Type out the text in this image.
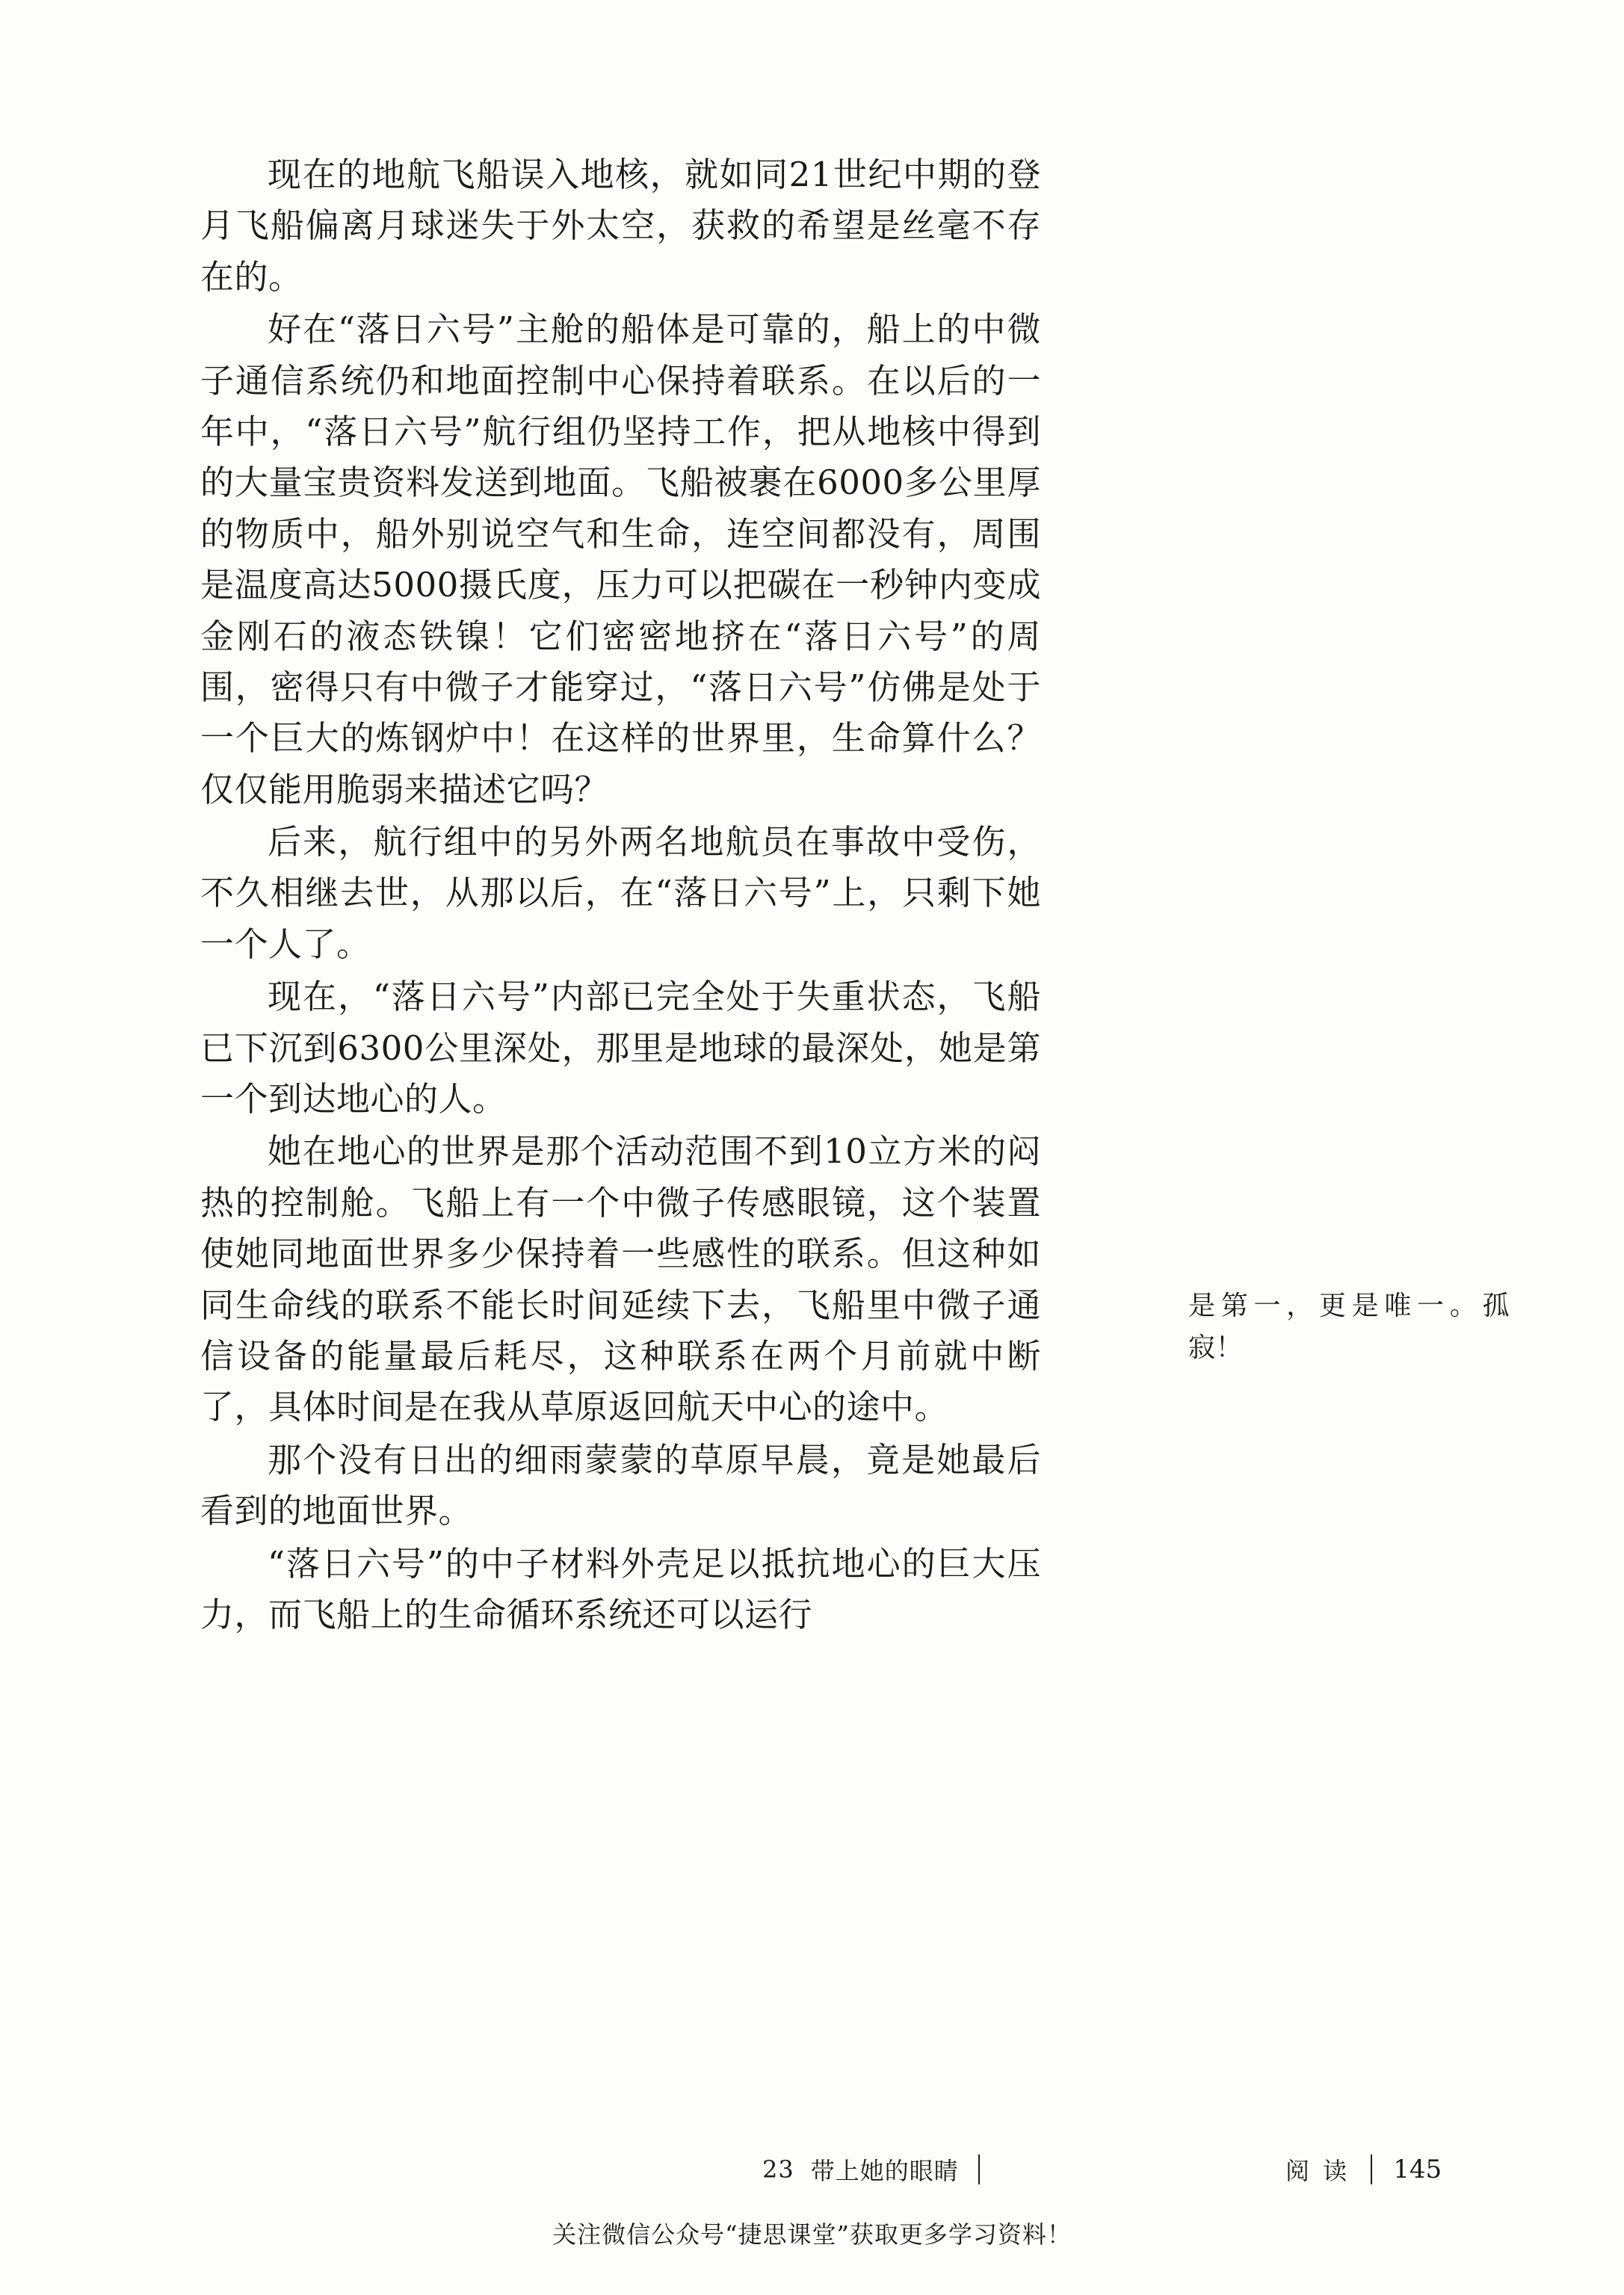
现在的地航飞船误入地核，就如同21世纪中期的登月飞船偏离月球迷失于外太空，获救的希望是丝毫不存在的。

好在“落日六号”主舱的船体是可靠的，船上的中微子通信系统仍和地面控制中心保持着联系。在以后的一年中，“落日六号”航行组仍坚持工作，把从地核中得到的大量宝贵资料发送到地面。飞船被裹在6000多公里厚的物质中，船外别说空气和生命，连空间都没有，周围是温度高达5000摄氏度，压力可以把碳在一秒钟内变成金刚石的液态铁镍！它们密密地挤在“落日六号”的周围，密得只有中微子才能穿过，“落日六号”仿佛是处于一个巨大的炼钢炉中！在这样的世界里，生命算什么？仅仅能用脆弱来描述它吗？

后来，航行组中的另外两名地航员在事故中受伤，不久相继去世，从那以后，在“落日六号”上，只剩下她一个人了。

现在，“落日六号”内部已完全处于失重状态，飞船已下沉到6300公里深处，那里是地球的最深处，她是第一个到达地心的人。

她在地心的世界是那个活动范围不到10立方米的闷热的控制舱。飞船上有一个中微子传感眼镜，这个装置使她同地面世界多少保持着一些感性的联系。但这种如同生命线的联系不能长时间延续下去，飞船里中微子通信设备的能量最后耗尽，这种联系在两个月前就中断了，具体时间是在我从草原返回航天中心的途中。

那个没有日出的细雨蒙蒙的草原早晨，竟是她最后看到的地面世界。

“落日六号”的中子材料外壳足以抵抗地心的巨大压力，而飞船上的生命循环系统还可以运行

是第一，更是唯一。孤寂！

23 带上她的眼睛	阅 读 145
关注微信公众号“捷思课堂”获取更多学习资料！
